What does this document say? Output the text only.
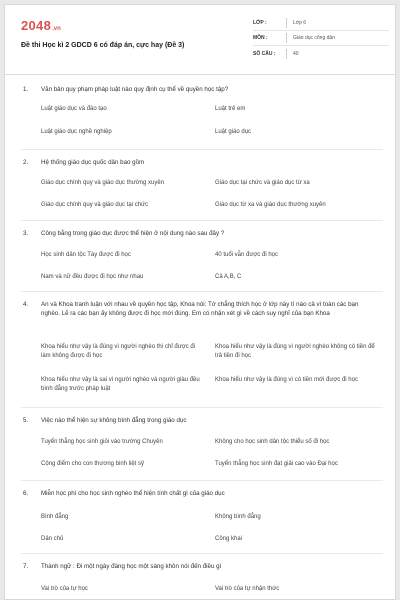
2048 .vn
Đề thi Học kì 2 GDCD 6 có đáp án, cực hay (Đề 3)
LỚP :	Lớp 6
MÔN :	Giáo dục công dân
SỐ CÂU :	40
1.	Văn bản quy phạm pháp luật nào quy định cụ thể về quyền học tập?
Luật giáo dục và đào tạo	Luật trẻ em
Luật giáo dục nghề nghiệp	Luật giáo dục
2.	Hệ thống giáo dục quốc dân bao gồm
Giáo dục chính quy và giáo dục thường xuyên	Giáo dục tại chức và giáo dục từ xa
Giáo dục chính quy và giáo dục tại chức	Giáo dục từ xa và giáo dục thường xuyên
3.	Công bằng trong giáo dục được thể hiện ở nội dung nào sau đây ?
Học sinh dân tộc Tày được đi học	40 tuổi vẫn được đi học
Nam và nữ đều được đi học như nhau	Cả A,B, C
4.	An và Khoa tranh luận với nhau về quyền học tập, Khoa nói: Tớ chẳng thích học ở lớp này tí nào cả vì toàn các bạn nghèo. Lẽ ra các bạn ấy không được đi học mới đúng. Em có nhận xét gì về cách suy nghĩ của bạn Khoa
Khoa hiểu như vậy là đúng vì người nghèo thì chỉ được đi làm không được đi học
Khoa hiểu như vậy là đúng vì người nghèo không có tiền để trả tiền đi học
Khoa hiểu như vậy là sai vì người nghèo và người giàu đều bình đẳng trước pháp luật
Khoa hiểu như vậy là đúng vì có tiền mới được đi học
5.	Việc nào thể hiện sự không bình đẳng trong giáo dục
Tuyển thẳng học sinh giỏi vào trường Chuyên	Không cho học sinh dân tộc thiểu số đi học
Cộng điểm cho con thương binh liệt sỹ	Tuyển thẳng học sinh đạt giải cao vào Đại học
6.	Miễn học phí cho học sinh nghèo thể hiện tính chất gì của giáo dục
Bình đẳng	Không bình đẳng
Dân chủ	Công khai
7.	Thành ngữ : Đi một ngày đàng học một sàng khôn nói đến điều gì
Vai trò của tự học	Vai trò của tự nhận thức
